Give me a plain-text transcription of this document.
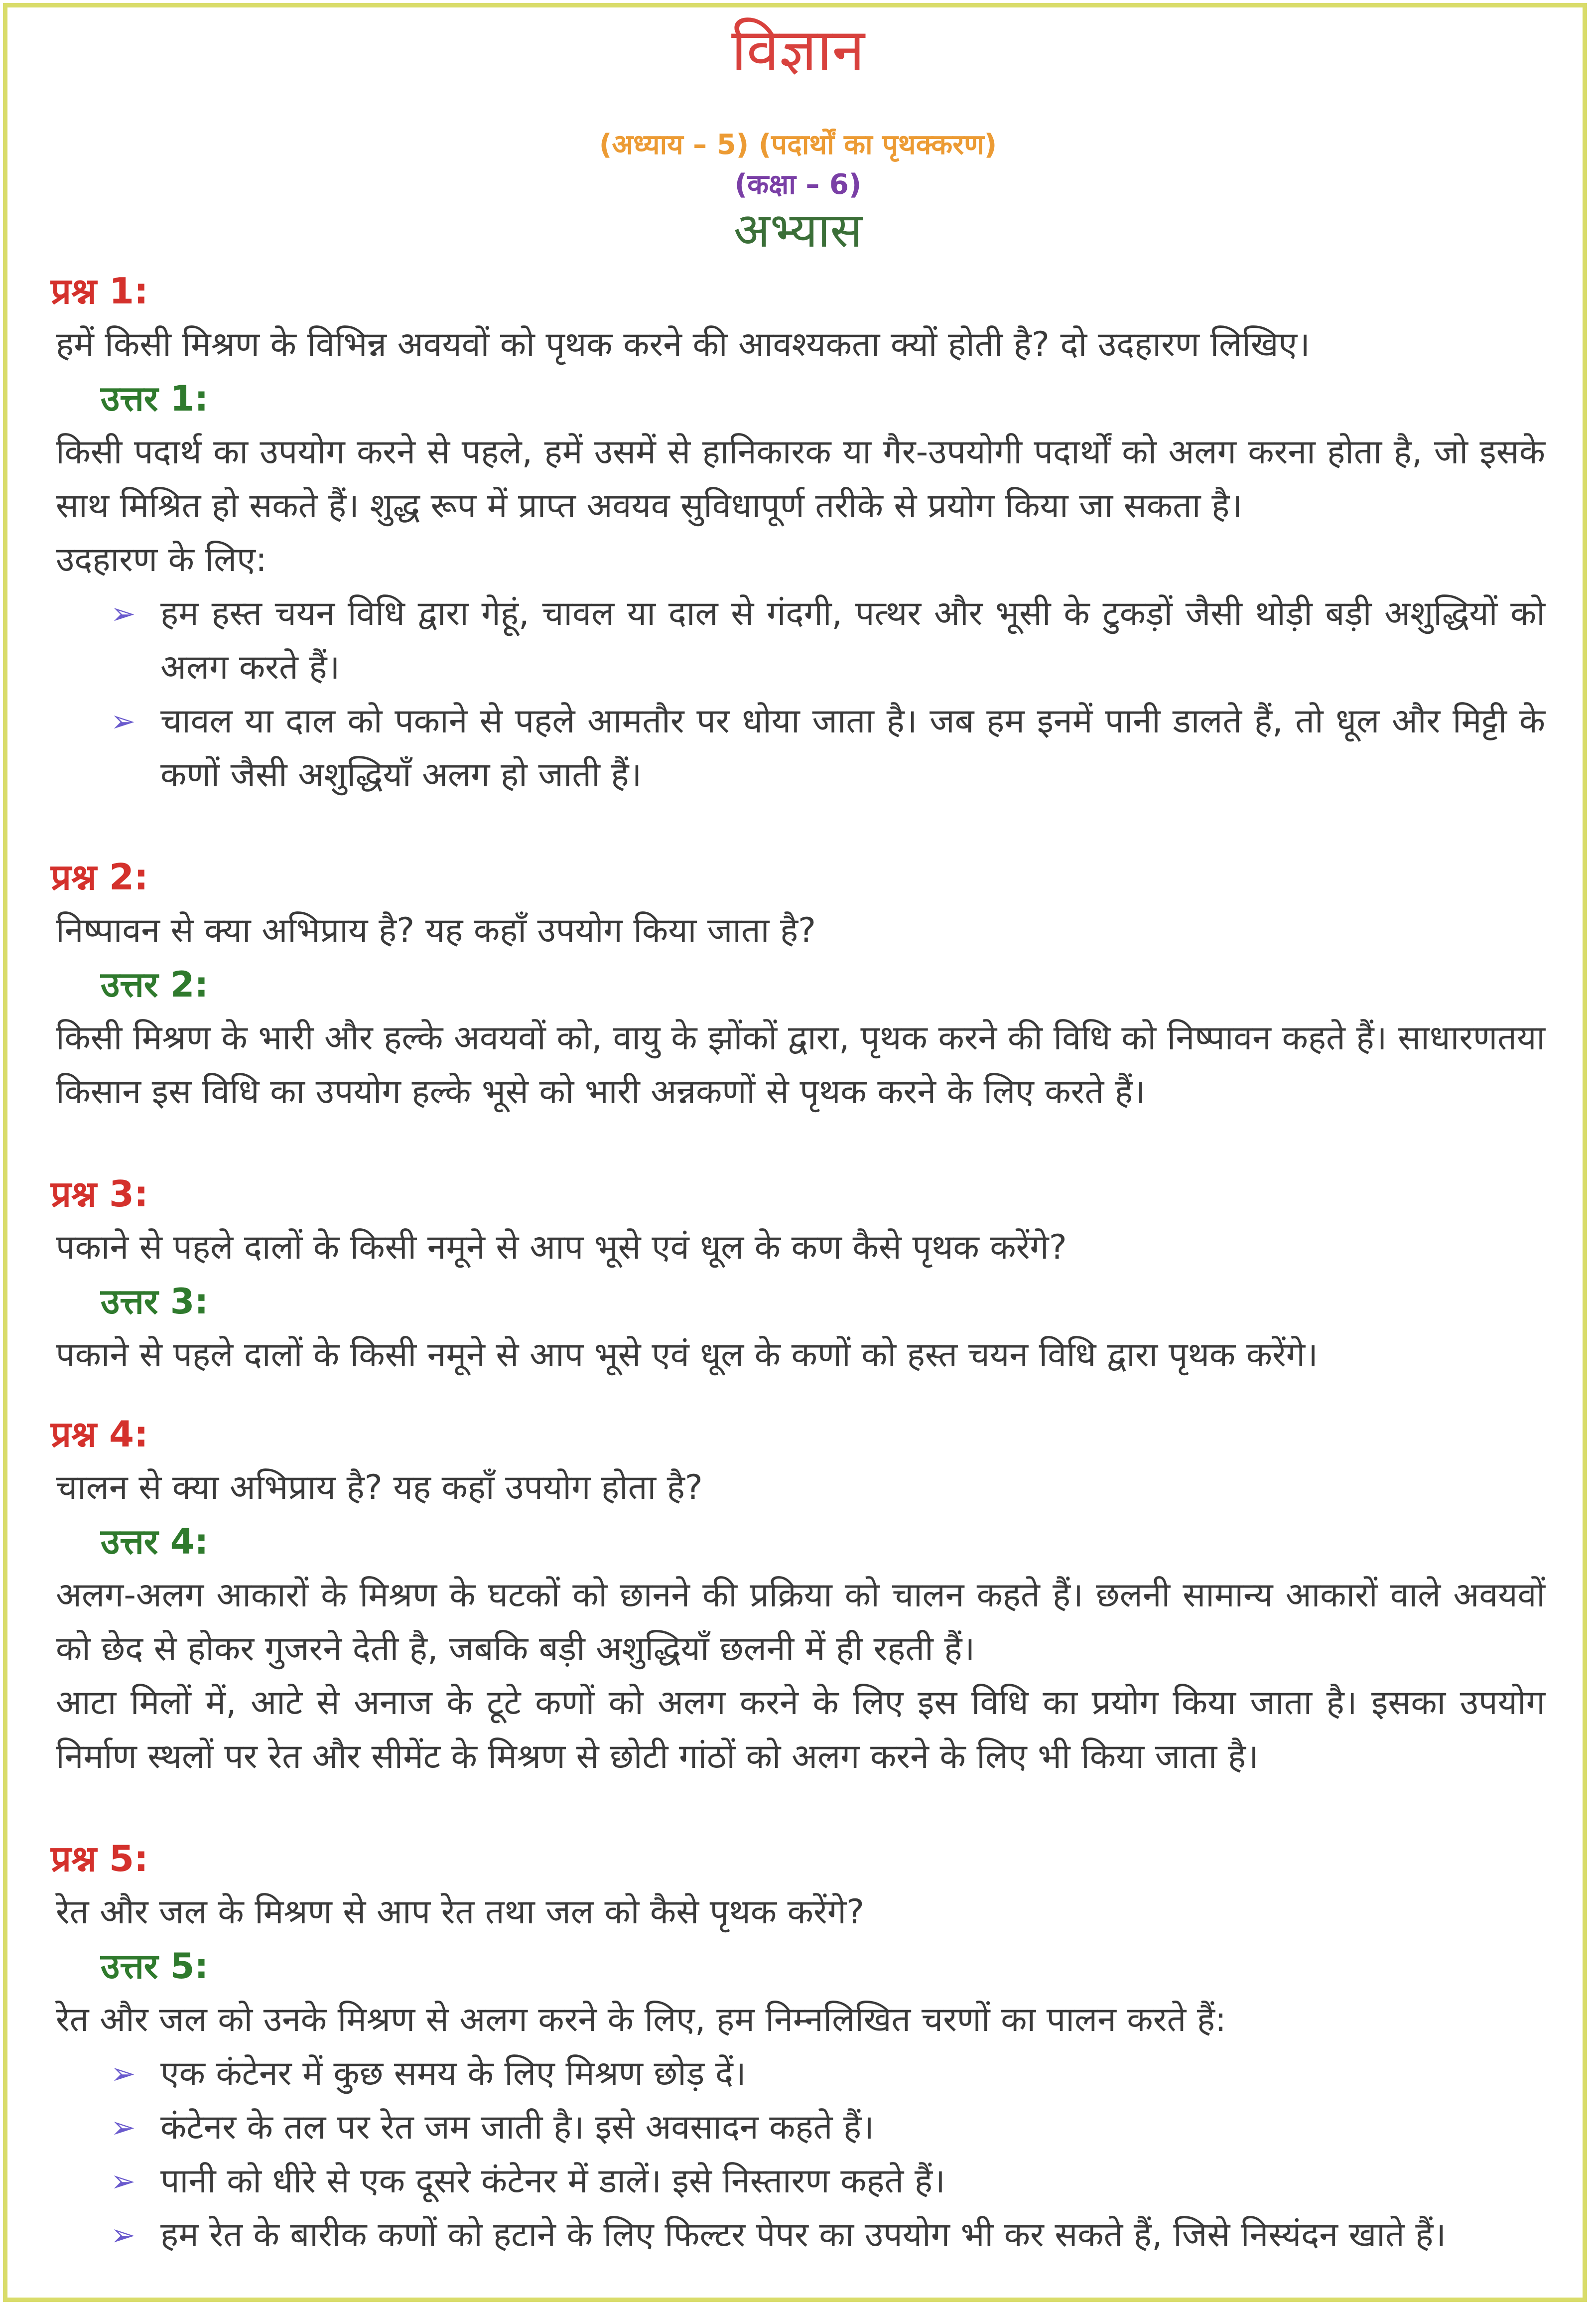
विज्ञान
(अध्याय – 5) (पदार्थों का पृथक्करण)
(कक्षा – 6)
अभ्यास
प्रश्न 1:
हमें किसी मिश्रण के विभिन्न अवयवों को पृथक करने की आवश्यकता क्यों होती है? दो उदहारण लिखिए।
उत्तर 1:
किसी पदार्थ का उपयोग करने से पहले, हमें उसमें से हानिकारक या गैर-उपयोगी पदार्थों को अलग करना होता है, जो इसके साथ मिश्रित हो सकते हैं। शुद्ध रूप में प्राप्त अवयव सुविधापूर्ण तरीके से प्रयोग किया जा सकता है।
उदहारण के लिए:
➢ हम हस्त चयन विधि द्वारा गेहूं, चावल या दाल से गंदगी, पत्थर और भूसी के टुकड़ों जैसी थोड़ी बड़ी अशुद्धियों को अलग करते हैं।
➢ चावल या दाल को पकाने से पहले आमतौर पर धोया जाता है। जब हम इनमें पानी डालते हैं, तो धूल और मिट्टी के कणों जैसी अशुद्धियाँ अलग हो जाती हैं।
प्रश्न 2:
निष्पावन से क्या अभिप्राय है? यह कहाँ उपयोग किया जाता है?
उत्तर 2:
किसी मिश्रण के भारी और हल्के अवयवों को, वायु के झोंकों द्वारा, पृथक करने की विधि को निष्पावन कहते हैं। साधारणतया किसान इस विधि का उपयोग हल्के भूसे को भारी अन्नकणों से पृथक करने के लिए करते हैं।
प्रश्न 3:
पकाने से पहले दालों के किसी नमूने से आप भूसे एवं धूल के कण कैसे पृथक करेंगे?
उत्तर 3:
पकाने से पहले दालों के किसी नमूने से आप भूसे एवं धूल के कणों को हस्त चयन विधि द्वारा पृथक करेंगे।
प्रश्न 4:
चालन से क्या अभिप्राय है? यह कहाँ उपयोग होता है?
उत्तर 4:
अलग-अलग आकारों के मिश्रण के घटकों को छानने की प्रक्रिया को चालन कहते हैं। छलनी सामान्य आकारों वाले अवयवों को छेद से होकर गुजरने देती है, जबकि बड़ी अशुद्धियाँ छलनी में ही रहती हैं।
आटा मिलों में, आटे से अनाज के टूटे कणों को अलग करने के लिए इस विधि का प्रयोग किया जाता है। इसका उपयोग निर्माण स्थलों पर रेत और सीमेंट के मिश्रण से छोटी गांठों को अलग करने के लिए भी किया जाता है।
प्रश्न 5:
रेत और जल के मिश्रण से आप रेत तथा जल को कैसे पृथक करेंगे?
उत्तर 5:
रेत और जल को उनके मिश्रण से अलग करने के लिए, हम निम्नलिखित चरणों का पालन करते हैं:
➢ एक कंटेनर में कुछ समय के लिए मिश्रण छोड़ दें।
➢ कंटेनर के तल पर रेत जम जाती है। इसे अवसादन कहते हैं।
➢ पानी को धीरे से एक दूसरे कंटेनर में डालें। इसे निस्तारण कहते हैं।
➢ हम रेत के बारीक कणों को हटाने के लिए फिल्टर पेपर का उपयोग भी कर सकते हैं, जिसे निस्यंदन खाते हैं।
